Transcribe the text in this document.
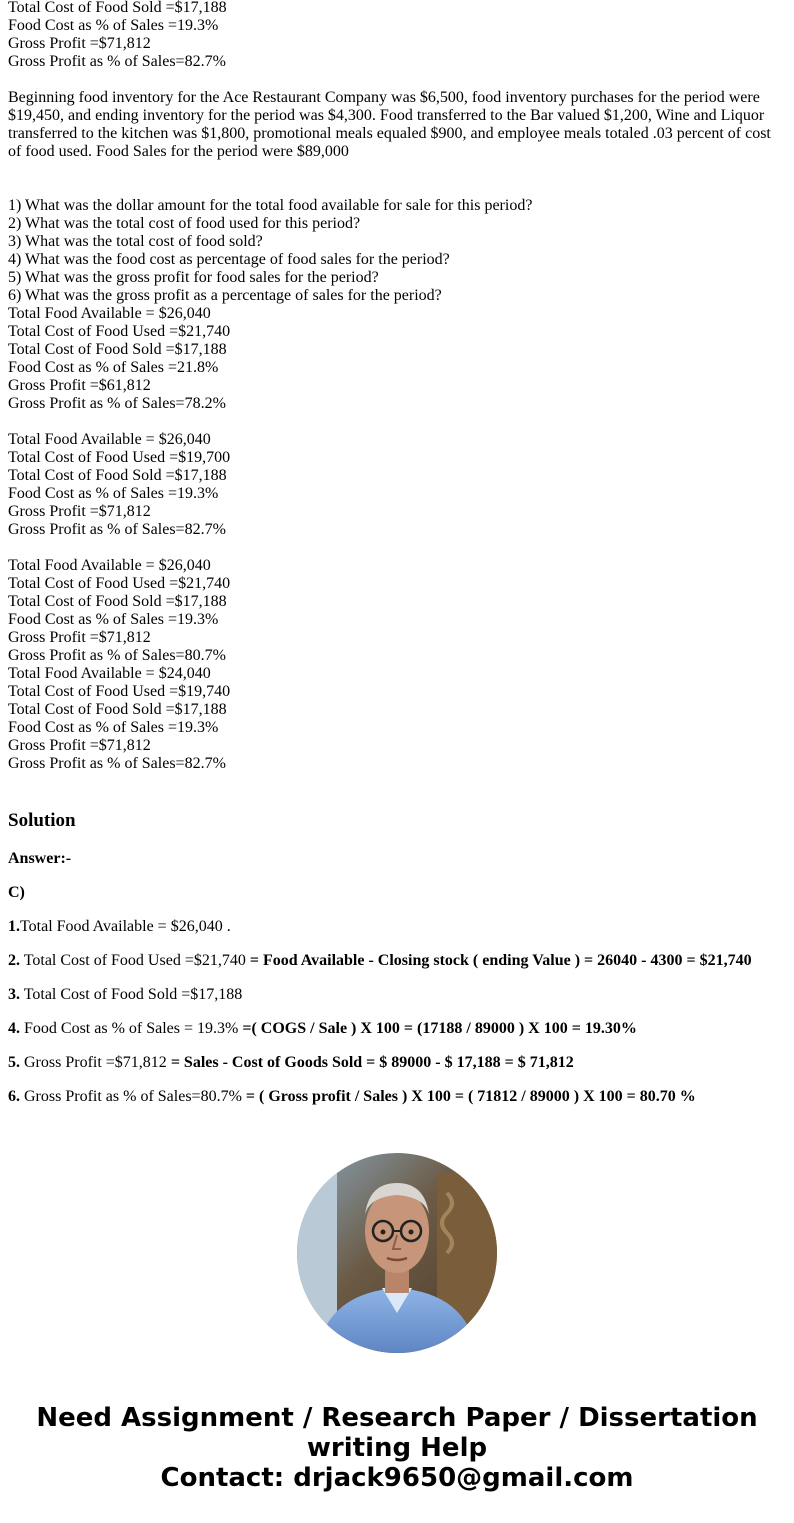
Total Cost of Food Sold =$17,188
Food Cost as % of Sales =19.3%
Gross Profit =$71,812
Gross Profit as % of Sales=82.7%
Beginning food inventory for the Ace Restaurant Company was $6,500, food inventory purchases for the period were $19,450, and ending inventory for the period was $4,300. Food transferred to the Bar valued $1,200, Wine and Liquor transferred to the kitchen was $1,800, promotional meals equaled $900, and employee meals totaled .03 percent of cost of food used. Food Sales for the period were $89,000
1) What was the dollar amount for the total food available for sale for this period?
2) What was the total cost of food used for this period?
3) What was the total cost of food sold?
4) What was the food cost as percentage of food sales for the period?
5) What was the gross profit for food sales for the period?
6) What was the gross profit as a percentage of sales for the period?
Total Food Available = $26,040
Total Cost of Food Used =$21,740
Total Cost of Food Sold =$17,188
Food Cost as % of Sales =21.8%
Gross Profit =$61,812
Gross Profit as % of Sales=78.2%
Total Food Available = $26,040
Total Cost of Food Used =$19,700
Total Cost of Food Sold =$17,188
Food Cost as % of Sales =19.3%
Gross Profit =$71,812
Gross Profit as % of Sales=82.7%
Total Food Available = $26,040
Total Cost of Food Used =$21,740
Total Cost of Food Sold =$17,188
Food Cost as % of Sales =19.3%
Gross Profit =$71,812
Gross Profit as % of Sales=80.7%
Total Food Available = $24,040
Total Cost of Food Used =$19,740
Total Cost of Food Sold =$17,188
Food Cost as % of Sales =19.3%
Gross Profit =$71,812
Gross Profit as % of Sales=82.7%
Solution

Answer:-

C)

1.Total Food Available = $26,040 .

2. Total Cost of Food Used =$21,740 = Food Available - Closing stock ( ending Value ) = 26040 - 4300 = $21,740

3. Total Cost of Food Sold =$17,188

4. Food Cost as % of Sales = 19.3% =( COGS / Sale ) X 100 = (17188 / 89000 ) X 100 = 19.30%

5. Gross Profit =$71,812 = Sales - Cost of Goods Sold = $ 89000 - $ 17,188 = $ 71,812

6. Gross Profit as % of Sales=80.7% = ( Gross profit / Sales ) X 100 = ( 71812 / 89000 ) X 100 = 80.70 %

Need Assignment / Research Paper / Dissertation
writing Help
Contact: drjack9650@gmail.com
